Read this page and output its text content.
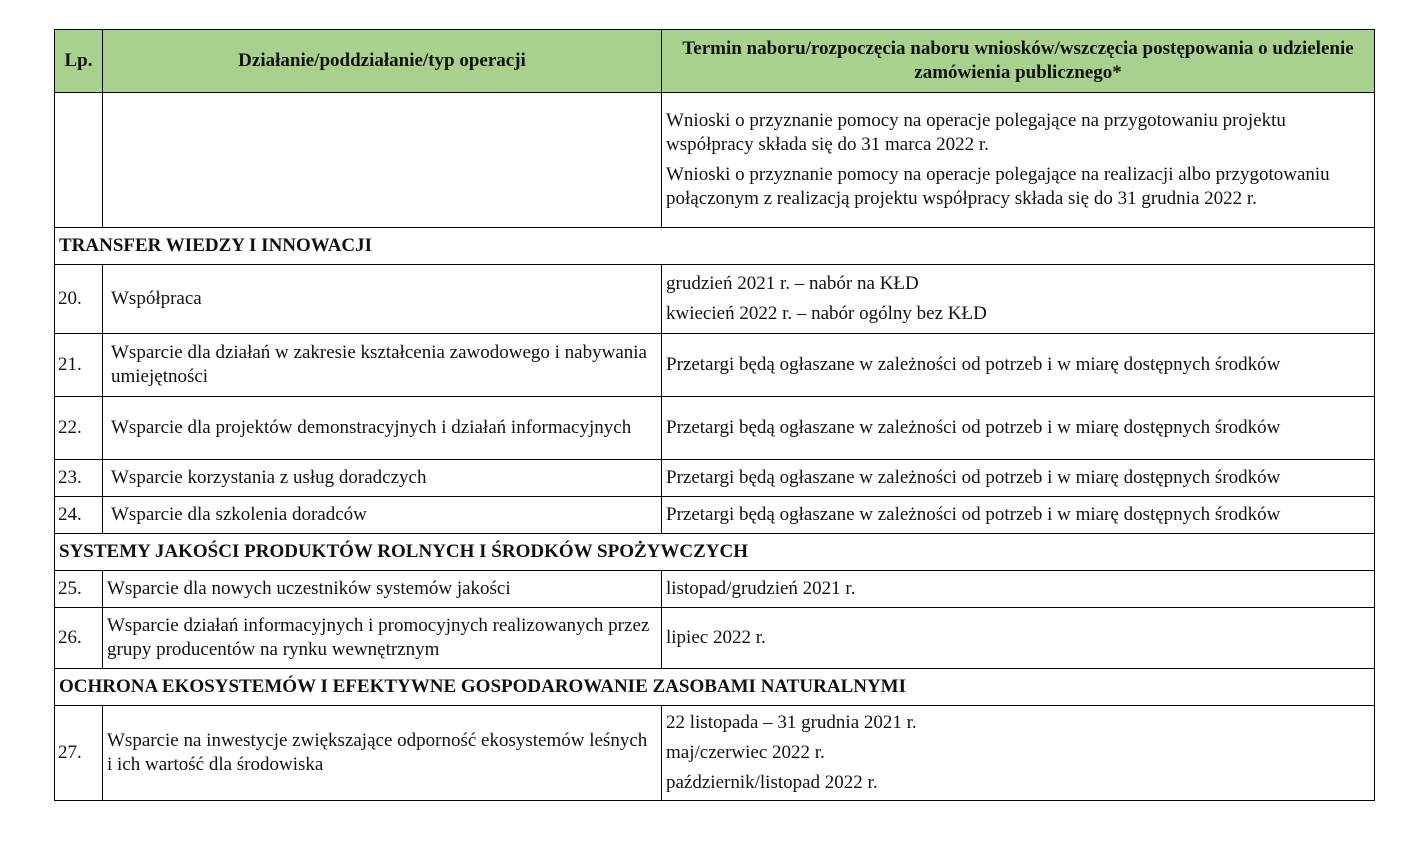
Lp.	Działanie/poddziałanie/typ operacji	Termin naboru/rozpoczęcia naboru wniosków/wszczęcia postępowania o udzielenie zamówienia publicznego*

		Wnioski o przyznanie pomocy na operacje polegające na przygotowaniu projektu współpracy składa się do 31 marca 2022 r.

Wnioski o przyznanie pomocy na operacje polegające na realizacji albo przygotowaniu połączonym z realizacją projektu współpracy składa się do 31 grudnia 2022 r.

TRANSFER WIEDZY I INNOWACJI		
20.	Współpraca	grudzień 2021 r. – nabór na KŁD

kwiecień 2022 r. – nabór ogólny bez KŁD

21.	Wsparcie dla działań w zakresie kształcenia zawodowego i nabywania umiejętności	Przetargi będą ogłaszane w zależności od potrzeb i w miarę dostępnych środków
22.	Wsparcie dla projektów demonstracyjnych i działań informacyjnych	Przetargi będą ogłaszane w zależności od potrzeb i w miarę dostępnych środków
23.	Wsparcie korzystania z usług doradczych	Przetargi będą ogłaszane w zależności od potrzeb i w miarę dostępnych środków
24.	Wsparcie dla szkolenia doradców	Przetargi będą ogłaszane w zależności od potrzeb i w miarę dostępnych środków
SYSTEMY JAKOŚCI PRODUKTÓW ROLNYCH I ŚRODKÓW SPOŻYWCZYCH		
25.	Wsparcie dla nowych uczestników systemów jakości	listopad/grudzień 2021 r.
26.	Wsparcie działań informacyjnych i promocyjnych realizowanych przez grupy producentów na rynku wewnętrznym	lipiec 2022 r.
OCHRONA EKOSYSTEMÓW I EFEKTYWNE GOSPODAROWANIE ZASOBAMI NATURALNYMI		
27.	Wsparcie na inwestycje zwiększające odporność ekosystemów leśnych i ich wartość dla środowiska	22 listopada – 31 grudnia 2021 r.

maj/czerwiec 2022 r.

październik/listopad 2022 r.
